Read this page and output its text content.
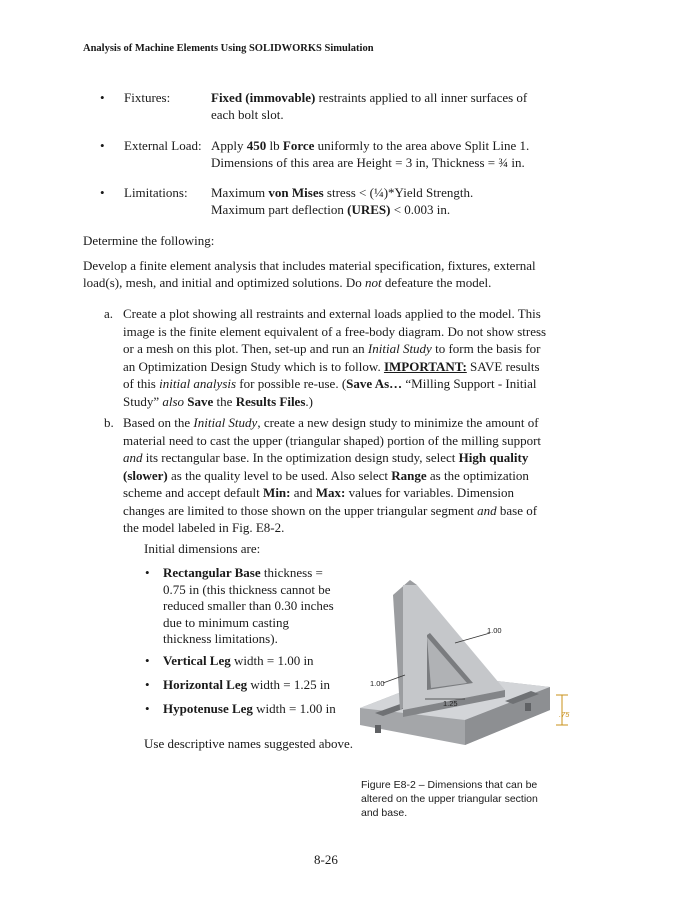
Analysis of Machine Elements Using SOLIDWORKS Simulation
• Fixtures:	Fixed (immovable) restraints applied to all inner surfaces of
each bolt slot.
• External Load: Apply 450 lb Force uniformly to the area above Split Line 1.
Dimensions of this area are Height = 3 in, Thickness = ¾ in.
• Limitations: Maximum von Mises stress < (¼)*Yield Strength.
Maximum part deflection (URES) < 0.003 in.
Determine the following:

Develop a finite element analysis that includes material specification, fixtures, external
load(s), mesh, and initial and optimized solutions. Do not defeature the model.

a. Create a plot showing all restraints and external loads applied to the model. This
image is the finite element equivalent of a free-body diagram. Do not show stress
or a mesh on this plot. Then, set-up and run an Initial Study to form the basis for
an Optimization Design Study which is to follow. IMPORTANT: SAVE results
of this initial analysis for possible re-use. (Save As… “Milling Support - Initial
Study” also Save the Results Files.)
b. Based on the Initial Study, create a new design study to minimize the amount of
material need to cast the upper (triangular shaped) portion of the milling support
and its rectangular base. In the optimization design study, select High quality
(slower) as the quality level to be used. Also select Range as the optimization
scheme and accept default Min: and Max: values for variables. Dimension
changes are limited to those shown on the upper triangular segment and base of
the model labeled in Fig. E8-2.
Initial dimensions are:
• Rectangular Base thickness =
0.75 in (this thickness cannot be
reduced smaller than 0.30 inches
due to minimum casting
thickness limitations).
• Vertical Leg width = 1.00 in
• Horizontal Leg width = 1.25 in
• Hypotenuse Leg width = 1.00 in
Use descriptive names suggested above.
1.00
1.00
1.25
.75
Figure E8-2 – Dimensions that can be
altered on the upper triangular section
and base.
8-26
